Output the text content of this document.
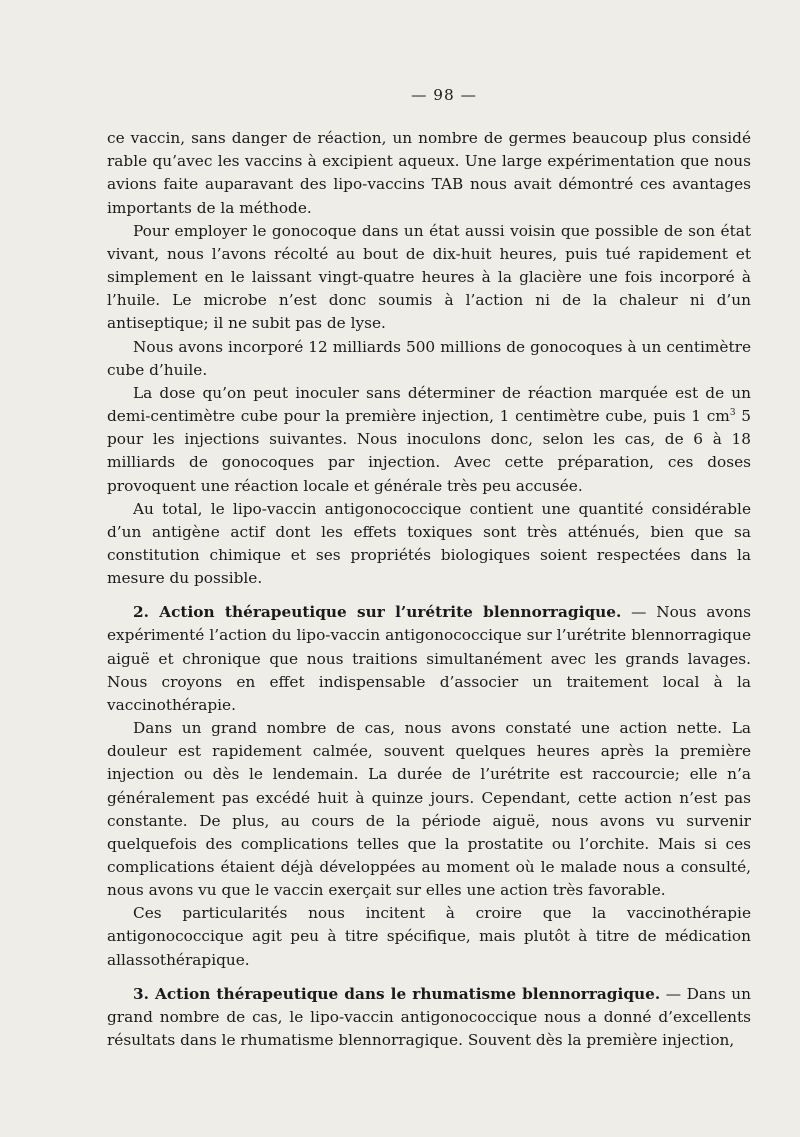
— 98 —

ce vaccin, sans danger de réaction, un nombre de germes beaucoup plus considé rable qu’avec les vaccins à excipient aqueux. Une large expérimentation que nous avions faite auparavant des lipo-vaccins TAB nous avait démontré ces avantages importants de la méthode.

Pour employer le gonocoque dans un état aussi voisin que possible de son état vivant, nous l’avons récolté au bout de dix-huit heures, puis tué rapidement et simplement en le laissant vingt-quatre heures à la glacière une fois incorporé à l’huile. Le microbe n’est donc soumis à l’action ni de la chaleur ni d’un antiseptique; il ne subit pas de lyse.

Nous avons incorporé 12 milliards 500 millions de gonocoques à un centimètre cube d’huile.

La dose qu’on peut inoculer sans déterminer de réaction marquée est de un demi-centimètre cube pour la première injection, 1 centimètre cube, puis 1 $cm^3$ 5 pour les injections suivantes. Nous inoculons donc, selon les cas, de 6 à 18 milliards de gonocoques par injection. Avec cette préparation, ces doses provoquent une réaction locale et générale très peu accusée.

Au total, le lipo-vaccin antigonococcique contient une quantité considérable d’un antigène actif dont les effets toxiques sont très atténués, bien que sa constitution chimique et ses propriétés biologiques soient respectées dans la mesure du possible.

2. Action thérapeutique sur l’urétrite blennorragique. — Nous avons expérimenté l’action du lipo-vaccin antigonococcique sur l’urétrite blennorragique aiguë et chronique que nous traitions simultanément avec les grands lavages. Nous croyons en effet indispensable d’associer un traitement local à la vaccinothérapie.

Dans un grand nombre de cas, nous avons constaté une action nette. La douleur est rapidement calmée, souvent quelques heures après la première injection ou dès le lendemain. La durée de l’urétrite est raccourcie; elle n’a généralement pas excédé huit à quinze jours. Cependant, cette action n’est pas constante. De plus, au cours de la période aiguë, nous avons vu survenir quelquefois des complications telles que la prostatite ou l’orchite. Mais si ces complications étaient déjà développées au moment où le malade nous a consulté, nous avons vu que le vaccin exerçait sur elles une action très favorable.

Ces particularités nous incitent à croire que la vaccinothérapie antigonococcique agit peu à titre spécifique, mais plutôt à titre de médication allassothérapique.

3. Action thérapeutique dans le rhumatisme blennorragique. — Dans un grand nombre de cas, le lipo-vaccin antigonococcique nous a donné d’excellents résultats dans le rhumatisme blennorragique. Souvent dès la première injection,
